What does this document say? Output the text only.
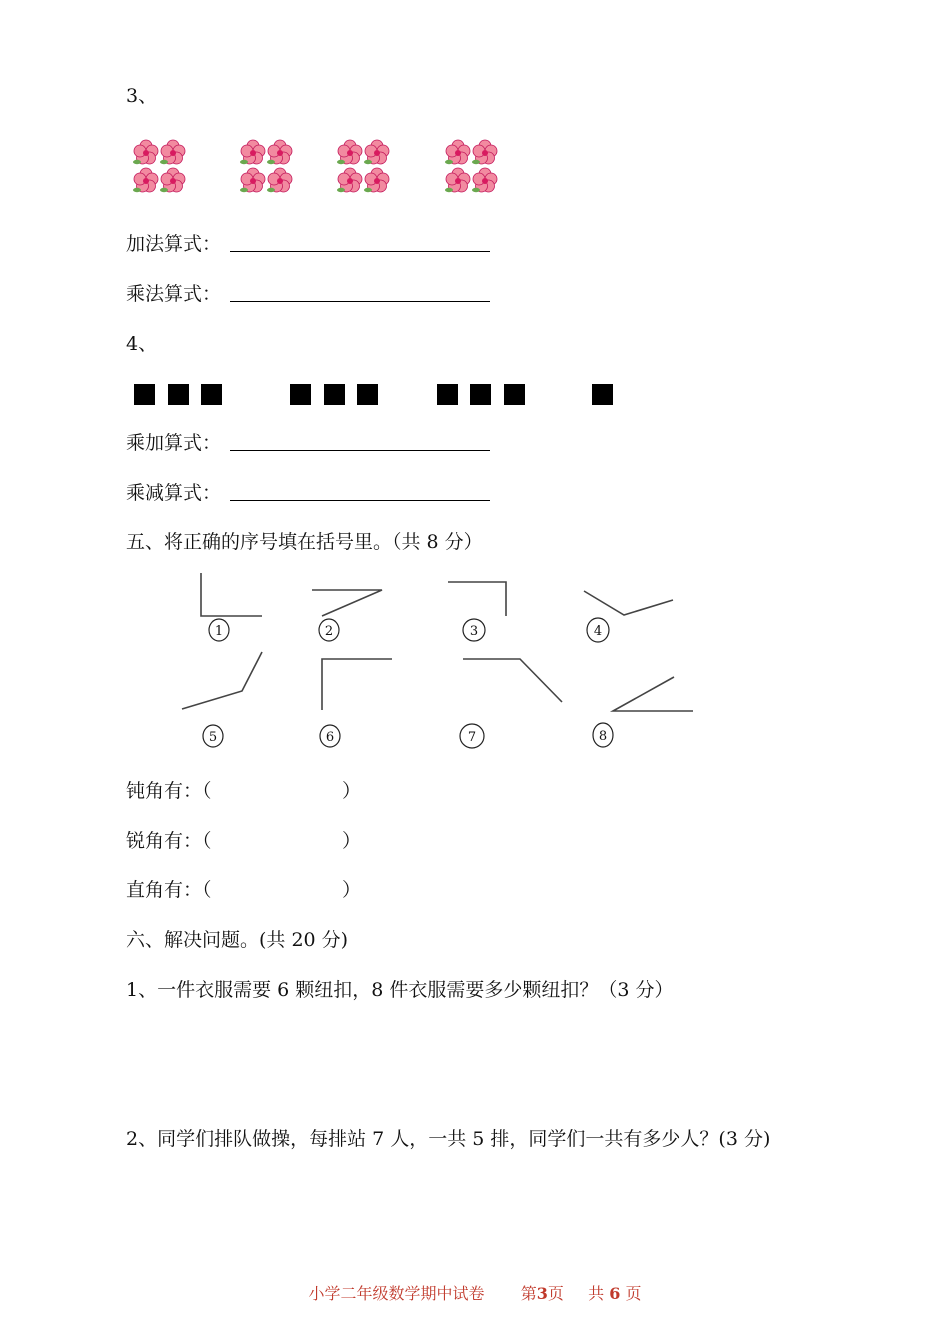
3、
加法算式：
乘法算式：
4、
乘加算式：
乘减算式：
五、将正确的序号填在括号里。（共 8 分）
1	2	3	4
5	6	7	8
钝角有：（	）
锐角有：（	）
直角有：（	）
六、解决问题。(共 20 分)
1、一件衣服需要 6 颗纽扣，8 件衣服需要多少颗纽扣？（3 分）
2、同学们排队做操，每排站 7 人，一共 5 排，同学们一共有多少人？(3 分)
小学二年级数学期中试卷 第3页 共 6 页
